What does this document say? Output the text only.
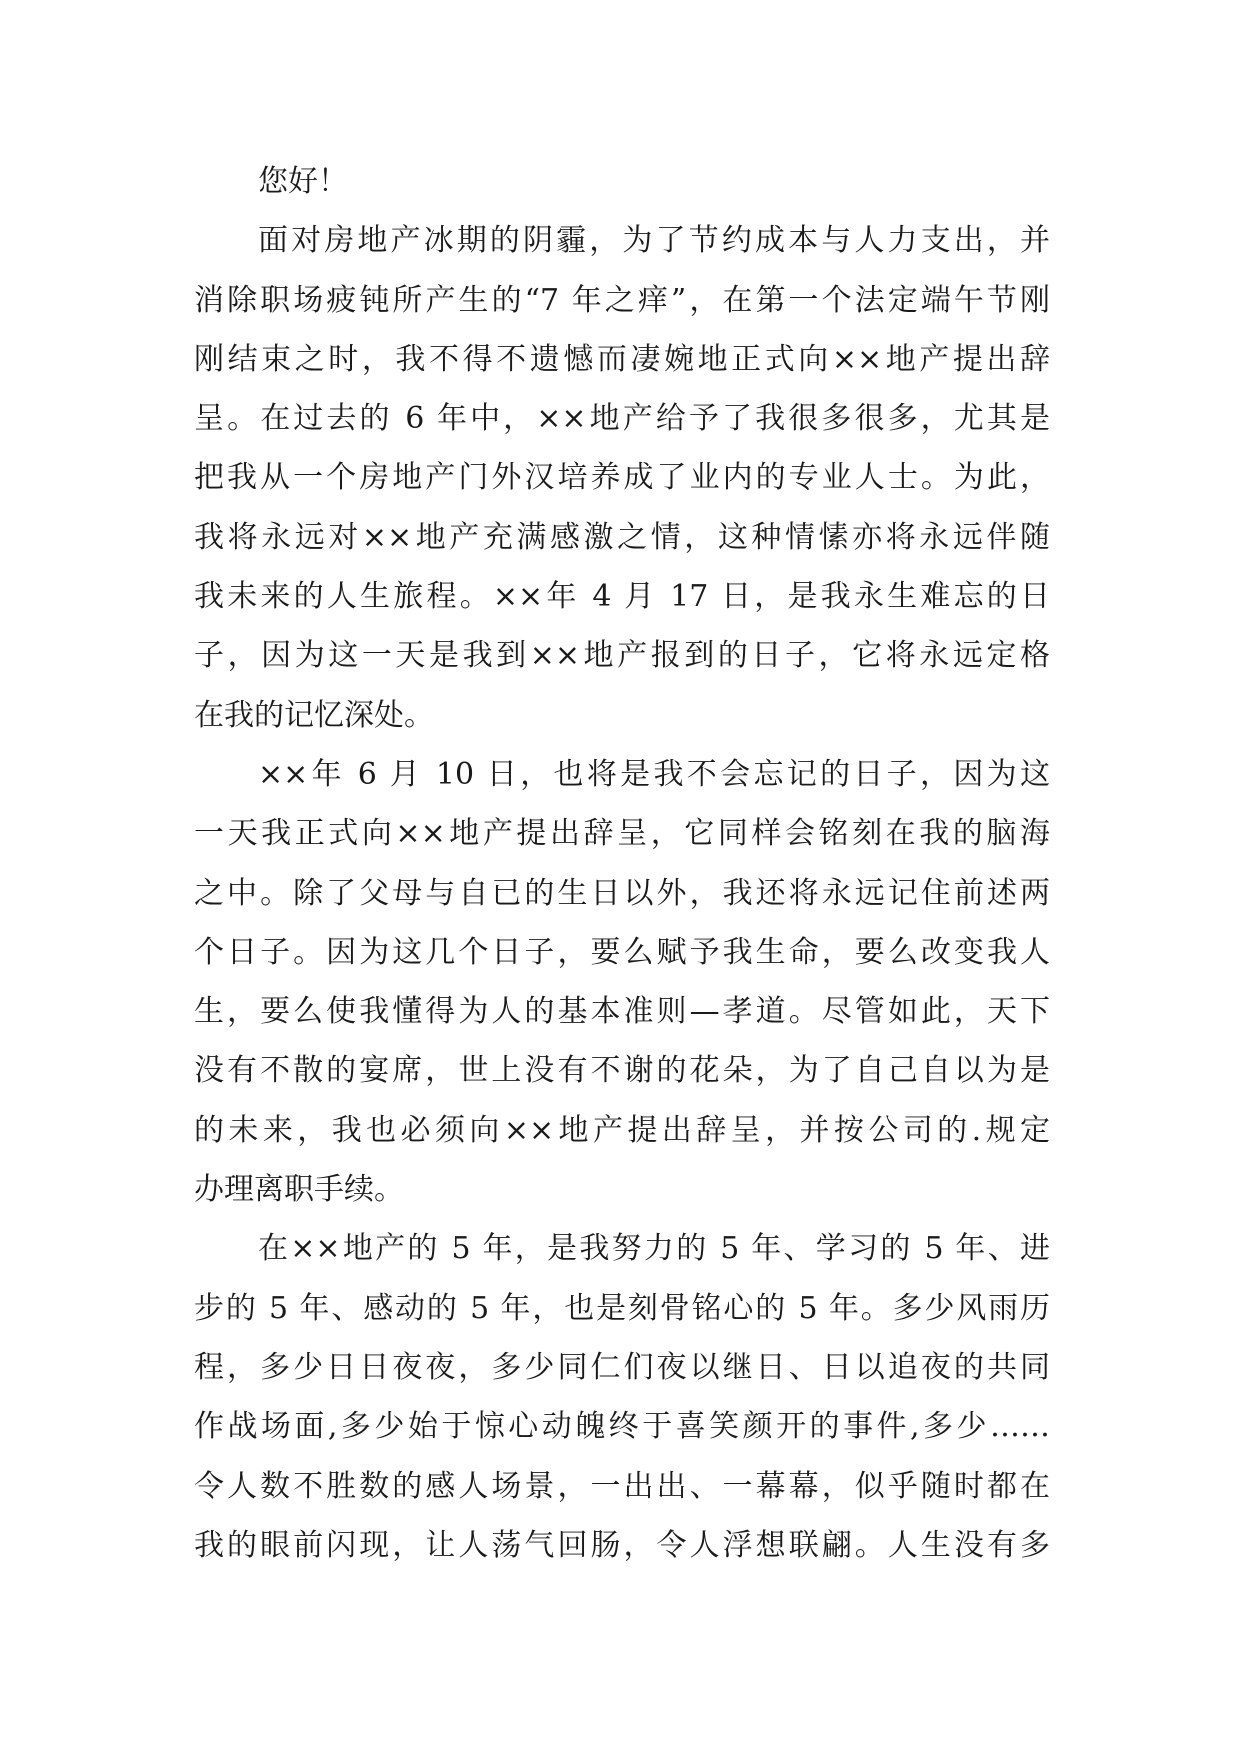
您好！
面对房地产冰期的阴霾，为了节约成本与人力支出，并
消除职场疲钝所产生的“7 年之痒”，在第一个法定端午节刚
刚结束之时，我不得不遗憾而凄婉地正式向××地产提出辞
呈。在过去的 6 年中，××地产给予了我很多很多，尤其是
把我从一个房地产门外汉培养成了业内的专业人士。为此，
我将永远对××地产充满感激之情，这种情愫亦将永远伴随
我未来的人生旅程。××年 4 月 17 日，是我永生难忘的日
子，因为这一天是我到××地产报到的日子，它将永远定格
在我的记忆深处。
××年 6 月 10 日，也将是我不会忘记的日子，因为这
一天我正式向××地产提出辞呈，它同样会铭刻在我的脑海
之中。除了父母与自已的生日以外，我还将永远记住前述两
个日子。因为这几个日子，要么赋予我生命，要么改变我人
生，要么使我懂得为人的基本准则—孝道。尽管如此，天下
没有不散的宴席，世上没有不谢的花朵，为了自己自以为是
的未来，我也必须向××地产提出辞呈，并按公司的.规定
办理离职手续。
在××地产的 5 年，是我努力的 5 年、学习的 5 年、进
步的 5 年、感动的 5 年，也是刻骨铭心的 5 年。多少风雨历
程，多少日日夜夜，多少同仁们夜以继日、日以追夜的共同
作战场面,多少始于惊心动魄终于喜笑颜开的事件,多少……
令人数不胜数的感人场景，一出出、一幕幕，似乎随时都在
我的眼前闪现，让人荡气回肠，令人浮想联翩。人生没有多
